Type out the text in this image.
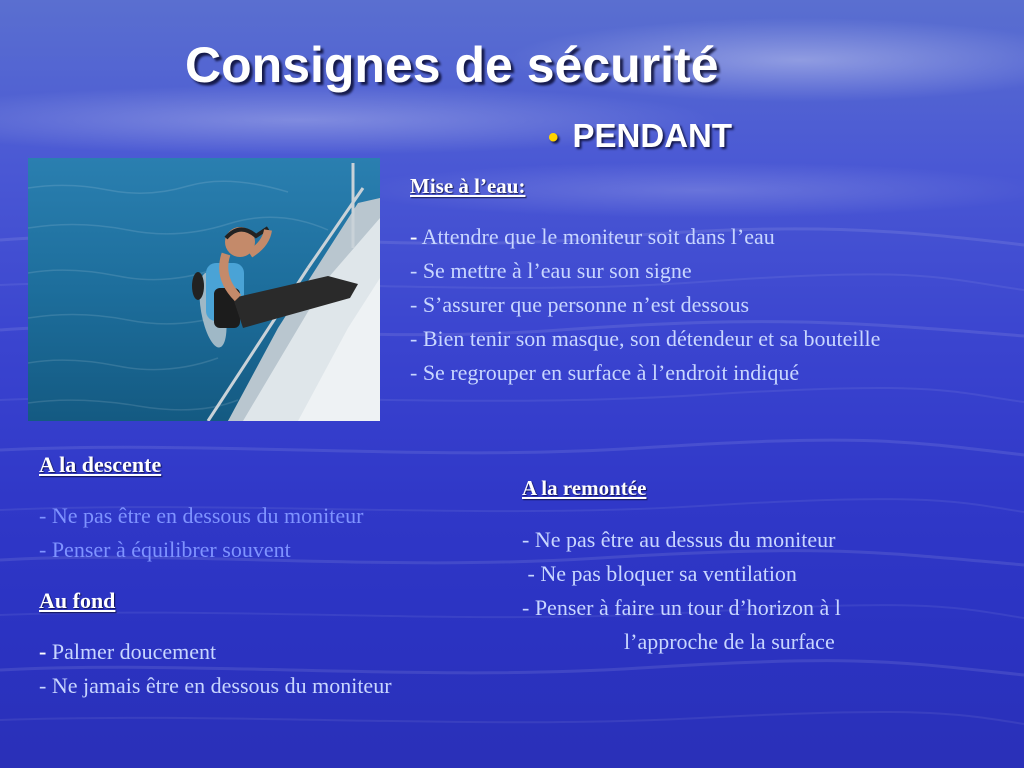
Consignes de sécurité
• PENDANT
Mise à l’eau:
- Attendre que le moniteur soit dans l’eau
- Se mettre à l’eau sur son signe
- S’assurer que personne n’est dessous
- Bien tenir son masque, son détendeur et sa bouteille
- Se regrouper en surface à l’endroit indiqué
A la descente
- Ne pas être en dessous du moniteur
- Penser à équilibrer souvent
Au fond
- Palmer doucement
- Ne jamais être en dessous du moniteur
A la remontée
- Ne pas être au dessus du moniteur
- Ne pas bloquer sa ventilation
- Penser à faire un tour d’horizon à l
l’approche de la surface
